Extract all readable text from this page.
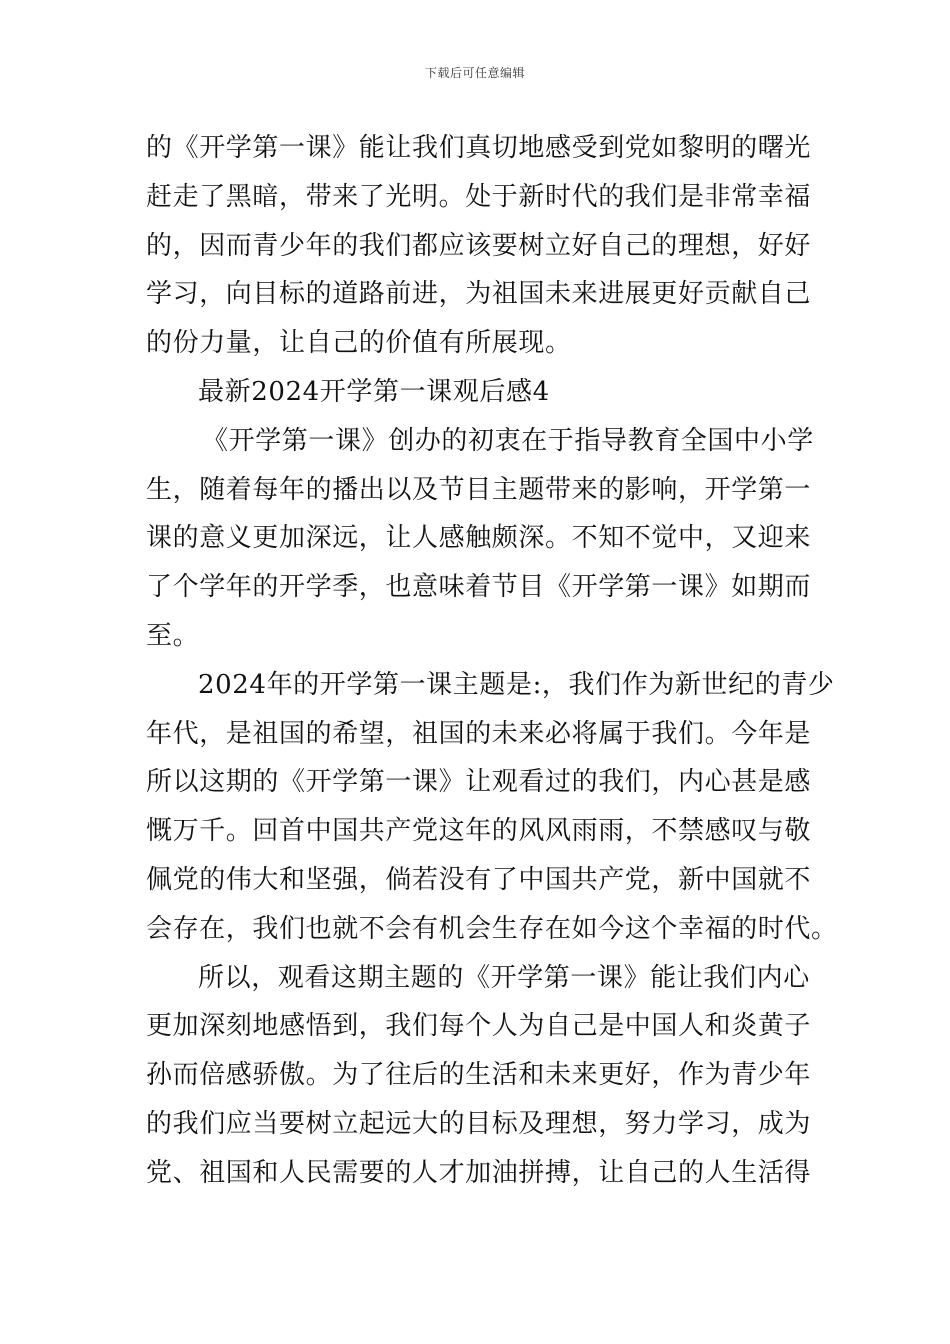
下载后可任意编辑
的《开学第一课》能让我们真切地感受到党如黎明的曙光
赶走了黑暗，带来了光明。处于新时代的我们是非常幸福
的，因而青少年的我们都应该要树立好自己的理想，好好
学习，向目标的道路前进，为祖国未来进展更好贡献自己
的份力量，让自己的价值有所展现。
最新2024开学第一课观后感4
《开学第一课》创办的初衷在于指导教育全国中小学
生，随着每年的播出以及节目主题带来的影响，开学第一
课的意义更加深远，让人感触颇深。不知不觉中，又迎来
了个学年的开学季，也意味着节目《开学第一课》如期而
至。
2024年的开学第一课主题是:，我们作为新世纪的青少
年代，是祖国的希望，祖国的未来必将属于我们。今年是
所以这期的《开学第一课》让观看过的我们，内心甚是感
慨万千。回首中国共产党这年的风风雨雨，不禁感叹与敬
佩党的伟大和坚强，倘若没有了中国共产党，新中国就不
会存在，我们也就不会有机会生存在如今这个幸福的时代。
所以，观看这期主题的《开学第一课》能让我们内心
更加深刻地感悟到，我们每个人为自己是中国人和炎黄子
孙而倍感骄傲。为了往后的生活和未来更好，作为青少年
的我们应当要树立起远大的目标及理想，努力学习，成为
党、祖国和人民需要的人才加油拼搏，让自己的人生活得
